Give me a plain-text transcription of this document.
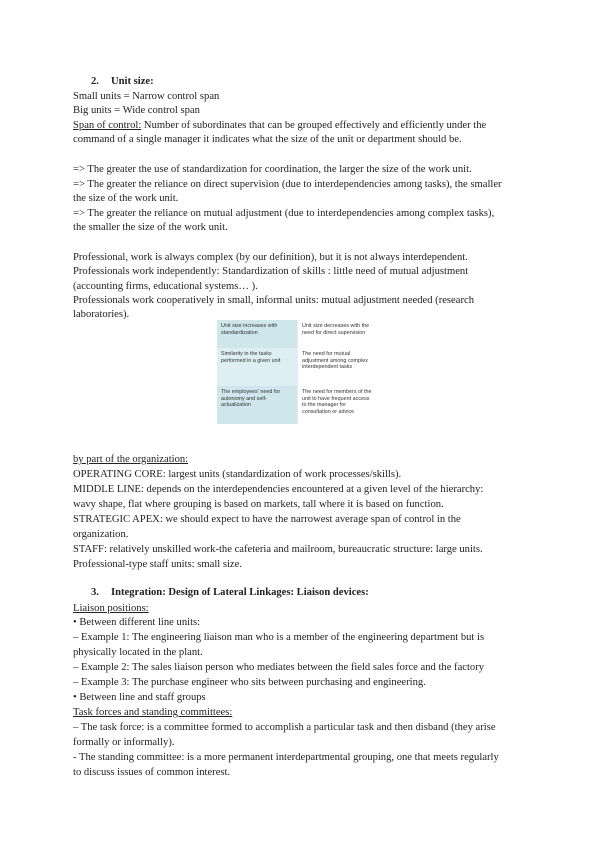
2. Unit size:
Small units = Narrow control span
Big units = Wide control span
Span of control: Number of subordinates that can be grouped effectively and efficiently under the
command of a single manager it indicates what the size of the unit or department should be.
=> The greater the use of standardization for coordination, the larger the size of the work unit.
=> The greater the reliance on direct supervision (due to interdependencies among tasks), the smaller
the size of the work unit.
=> The greater the reliance on mutual adjustment (due to interdependencies among complex tasks),
the smaller the size of the work unit.
Professional, work is always complex (by our definition), but it is not always interdependent.
Professionals work independently: Standardization of skills : little need of mutual adjustment
(accounting firms, educational systems… ).
Professionals work cooperatively in small, informal units: mutual adjustment needed (research
laboratories).
Unit size increases with standardization
Unit size decreases with the need for direct supervision
Similarity in the tasks performed in a given unit
The need for mutual adjustment among complex interdependent tasks
The employees' need for autonomy and self-actualization
The need for members of the unit to have frequent access to the manager for consultation or advice
by part of the organization:
OPERATING CORE: largest units (standardization of work processes/skills).
MIDDLE LINE: depends on the interdependencies encountered at a given level of the hierarchy:
wavy shape, flat where grouping is based on markets, tall where it is based on function.
STRATEGIC APEX: we should expect to have the narrowest average span of control in the
organization.
STAFF: relatively unskilled work-the cafeteria and mailroom, bureaucratic structure: large units.
Professional-type staff units: small size.
3. Integration: Design of Lateral Linkages: Liaison devices:
Liaison positions:
• Between different line units:
– Example 1: The engineering liaison man who is a member of the engineering department but is
physically located in the plant.
– Example 2: The sales liaison person who mediates between the field sales force and the factory
– Example 3: The purchase engineer who sits between purchasing and engineering.
• Between line and staff groups
Task forces and standing committees:
– The task force: is a committee formed to accomplish a particular task and then disband (they arise
formally or informally).
- The standing committee: is a more permanent interdepartmental grouping, one that meets regularly
to discuss issues of common interest.
